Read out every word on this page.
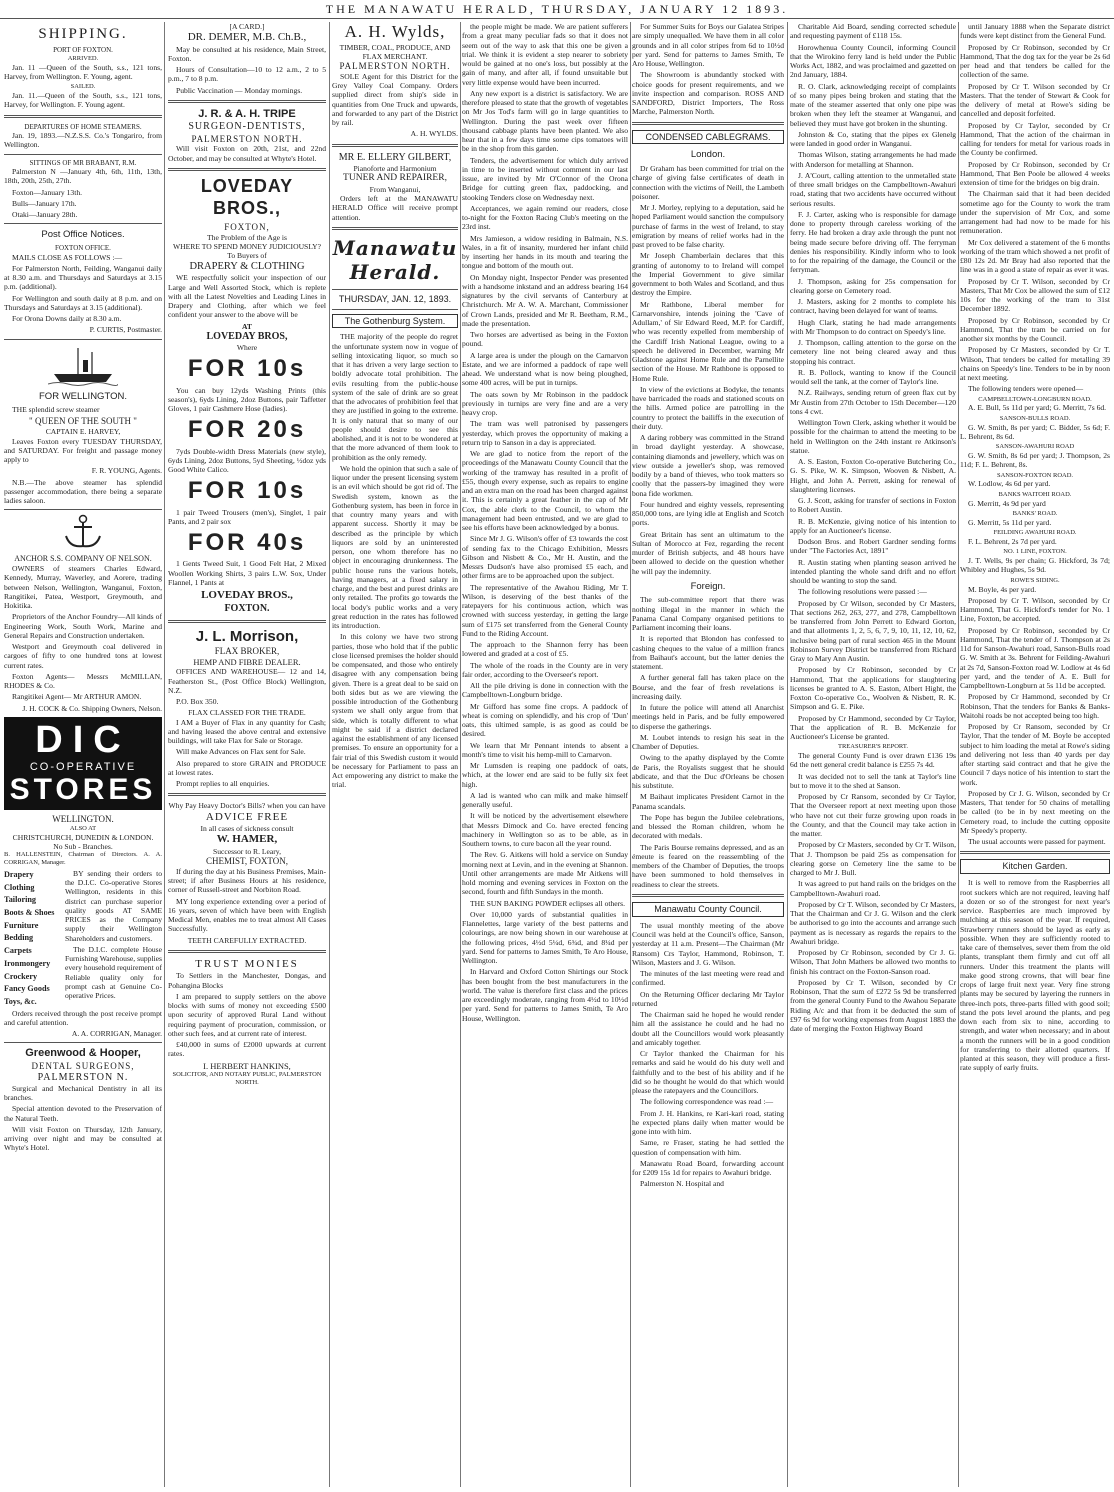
THE MANAWATU HERALD, THURSDAY, JANUARY 12 1893.
SHIPPING.
PORT OF FOXTON.
ARRIVED.

Jan. 11 —Queen of the South, s.s., 121 tons, Harvey, from Wellington. F. Young, agent.

SAILED.

Jan. 11.—Queen of the South, s.s., 121 tons, Harvey, for Wellington. F. Young agent.

DEPARTURES OF HOME STEAMERS.

Jan. 19, 1893.—N.Z.S.S. Co.'s Tongariro, from Wellington.

SITTINGS OF MR BRABANT, R.M.

Palmerston N —January 4th, 6th, 11th, 13th, 18th, 20th, 25th, 27th.

Foxton—January 13th.

Bulls—January 17th.

Otaki—January 28th.

Post Office Notices.
FOXTON OFFICE.

MAILS CLOSE AS FOLLOWS :—

For Palmerston North, Feilding, Wanganui daily at 8.30 a.m. and Thursdays and Saturdays at 3.15 p.m. (additional).

For Wellington and south daily at 8 p.m. and on Thursdays and Saturdays at 3.15 (additional).

For Orona Downs daily at 8.30 a.m.

P. CURTIS, Postmaster.

FOR WELLINGTON.

THE splendid screw steamer

" QUEEN OF THE SOUTH "
CAPTAIN E. HARVEY,

Leaves Foxton every TUESDAY THURSDAY, and SATURDAY. For freight and passage money apply to

F. R. YOUNG, Agents.

N.B.—The above steamer has splendid passenger accommodation, there being a separate ladies saloon.

ANCHOR S.S. COMPANY OF NELSON.

OWNERS of steamers Charles Edward, Kennedy, Murray, Waverley, and Aorere, trading between Nelson, Wellington, Wanganui, Foxton, Rangitikei, Patea, Westport, Greymouth, and Hokitika.

Proprietors of the Anchor Foundry—All kinds of Engineering Work, South Work, Marine and General Repairs and Construction undertaken.

Westport and Greymouth coal delivered in cargoes of fifty to one hundred tons at lowest current rates.

Foxton Agents— Messrs McMILLAN, RHODES & Co.

Rangitikei Agent— Mr ARTHUR AMON.

J. H. COCK & Co. Shipping Owners, Nelson.

DIC
CO-OPERATIVE
STORES
WELLINGTON.
ALSO AT
CHRISTCHURCH, DUNEDIN & LONDON.
No Sub - Branches.

B. HALLENSTEIN, Chairman of Directors. A. A. CORRIGAN, Manager.

Drapery
Clothing
Tailoring
Boots & Shoes
Furniture
Bedding
Carpets
Ironmongery
Crockery
Fancy Goods
Toys, &c.

BY sending their orders to the D.I.C. Co-operative Stores Wellington, residents in this district can purchase superior quality goods AT SAME PRICES as the Company supply their Wellington Shareholders and customers.

The D.I.C. complete House Furnishing Warehouse, supplies every household requirement of Reliable quality only for prompt cash at Genuine Co-operative Prices.

Orders received through the post receive prompt and careful attention.

A. A. CORRIGAN, Manager.

Greenwood & Hooper,
DENTAL SURGEONS,
PALMERSTON N.

Surgical and Mechanical Dentistry in all its branches.

Special attention devoted to the Preservation of the Natural Teeth.

Will visit Foxton on Thursday, 12th January, arriving over night and may be consulted at Whyte's Hotel.

[A CARD.]
DR. DEMER, M.B. Ch.B.,

May be consulted at his residence, Main Street, Foxton.

Hours of Consultation—10 to 12 a.m., 2 to 5 p.m., 7 to 8 p.m.

Public Vaccination — Monday mornings.

J. R. & A. H. TRIPE
SURGEON-DENTISTS,
PALMERSTON NORTH.

Will visit Foxton on 20th, 21st, and 22nd October, and may be consulted at Whyte's Hotel.

LOVEDAY BROS.,
FOXTON,
The Problem of the Age is
WHERE TO SPEND MONEY JUDICIOUSLY?
To Buyers of
DRAPERY & CLOTHING

WE respectfully solicit your inspection of our Large and Well Assorted Stock, which is replete with all the Latest Novelties and Leading Lines in Drapery and Clothing, after which we feel confident your answer to the above will be

AT
LOVEDAY BROS,
Where
FOR 10s

You can buy 12yds Washing Prints (this season's), 6yds Lining, 2doz Buttons, pair Taffetter Gloves, 1 pair Cashmere Hose (ladies).

FOR 20s

7yds Double-width Dress Materials (new style), 6yds Lining, 2doz Buttons, 5yd Sheeting, ½doz yds Good White Calico.

FOR 10s

1 pair Tweed Trousers (men's), Singlet, 1 pair Pants, and 2 pair sox

FOR 40s

1 Gents Tweed Suit, 1 Good Felt Hat, 2 Mixed Woollen Working Shirts, 3 pairs L.W. Sox, Under Flannel, 1 Pants at

LOVEDAY BROS.,
FOXTON.
J. L. Morrison,
FLAX BROKER,
HEMP AND FIBRE DEALER.

OFFICES AND WAREHOUSE— 12 and 14, Featherston St., (Post Office Block) Wellington, N.Z.

P.O. Box 350.

FLAX CLASSED FOR THE TRADE.

I AM a Buyer of Flax in any quantity for Cash; and having leased the above central and extensive buildings, will take Flax for Sale or Storage.

Will make Advances on Flax sent for Sale.

Also prepared to store GRAIN and PRODUCE at lowest rates.

Prompt replies to all enquiries.

Why Pay Heavy Doctor's Bills? when you can have
ADVICE FREE
In all cases of sickness consult
W. HAMER,
Successor to R. Leary,
CHEMIST, FOXTON,

If during the day at his Business Premises, Main-street; if after Business Hours at his residence, corner of Russell-street and Norbiton Road.

MY long experience extending over a period of 16 years, seven of which have been with English Medical Men, enables me to treat almost All Cases Successfully.

TEETH CAREFULLY EXTRACTED.
TRUST MONIES

To Settlers in the Manchester, Dongas, and Pohangina Blocks

I am prepared to supply settlers on the above blocks with sums of money not exceeding £500 upon security of approved Rural Land without requiring payment of procuration, commission, or other such fees, and at current rate of interest.

£40,000 in sums of £2000 upwards at current rates.

I. HERBERT HANKINS,
SOLICITOR, AND NOTARY PUBLIC, PALMERSTON NORTH.
A. H. Wylds,
TIMBER, COAL, PRODUCE, AND FLAX MERCHANT.
PALMERSTON NORTH.

SOLE Agent for this District for the Grey Valley Coal Company. Orders supplied direct from ship's side in quantities from One Truck and upwards, and forwarded to any part of the District by rail.

A. H. WYLDS.

MR E. ELLERY GILBERT,
Pianoforte and Harmonium
TUNER AND REPAIRER,
From Wanganui,

Orders left at the MANAWATU HERALD Office will receive prompt attention.

Manawatu Herald.
THURSDAY, JAN. 12, 1893.
The Gothenburg System.

THE majority of the people do regret the unfortunate system now in vogue of selling intoxicating liquor, so much so that it has driven a very large section to boldly advocate total prohibition. The evils resulting from the public-house system of the sale of drink are so great that the advocates of prohibition feel that they are justified in going to the extreme. It is only natural that so many of our people should desire to see this abolished, and it is not to be wondered at that the more advanced of them look to prohibition as the only remedy.

We hold the opinion that such a sale of liquor under the present licensing system is an evil which should be got rid of. The Swedish system, known as the Gothenburg system, has been in force in that country many years and with apparent success. Shortly it may be described as the principle by which liquors are sold by an uninterested person, one whom therefore has no object in encouraging drunkenness. The public house runs the various hotels, having managers, at a fixed salary in charge, and the best and purest drinks are only retailed. The profits go towards the local body's public works and a very great reduction in the rates has followed its introduction.

In this colony we have two strong parties, those who hold that if the public close licensed premises the holder should be compensated, and those who entirely disagree with any compensation being given. There is a great deal to be said on both sides but as we are viewing the possible introduction of the Gothenburg system we shall only argue from that side, which is totally different to what might be said if a district declared against the establishment of any licensed premises. To ensure an opportunity for a fair trial of this Swedish custom it would be necessary for Parliament to pass an Act empowering any district to make the trial.

the people might be made. We are patient sufferers from a great many peculiar fads so that it does not seem out of the way to ask that this one be given a trial. We think it is evident a step nearer to sobriety would be gained at no one's loss, but possibly at the gain of many, and after all, if found unsuitable but very little expense would have been incurred.

Any new export is a district is satisfactory. We are therefore pleased to state that the growth of vegetables on Mr Jos Tod's farm will go in large quantities to Wellington. During the past week over fifteen thousand cabbage plants have been planted. We also hear that in a few days time some cips tomatoes will be in the shop from this garden.

Tenders, the advertisement for which duly arrived in time to be inserted without comment in our last issue, are invited by Mr O'Connor of the Orona Bridge for cutting green flax, paddocking, and stooking Tenders close on Wednesday next.

Acceptances, we again remind our readers, close to-night for the Foxton Racing Club's meeting on the 23rd inst.

Mrs Jamieson, a widow residing in Balmain, N.S. Wales, in a fit of insanity, murdered her infant child by inserting her hands in its mouth and tearing the tongue and bottom of the mouth out.

On Monday night, Inspector Pender was presented with a handsome inkstand and an address bearing 164 signatures by the civil servants of Canterbury at Christchurch. Mr A. W. A. Marchant, Commissioner of Crown Lands, presided and Mr R. Beetham, R.M., made the presentation.

Two horses are advertised as being in the Foxton pound.

A large area is under the plough on the Carnarvon Estate, and we are informed a paddock of rape well ahead. We understand what is now being ploughed, some 400 acres, will be put in turnips.

The oats sown by Mr Robinson in the paddock previously in turnips are very fine and are a very heavy crop.

The tram was well patronised by passengers yesterday, which proves the opportunity of making a return trip to Sanson in a day is appreciated.

We are glad to notice from the report of the proceedings of the Manawatu County Council that the working of the tramway has resulted in a profit of £55, though every expense, such as repairs to engine and an extra man on the road has been charged against it. This is certainly a great feather in the cap of Mr Cox, the able clerk to the Council, to whom the management had been entrusted, and we are glad to see his efforts have been acknowledged by a bonus.

Since Mr J. G. Wilson's offer of £3 towards the cost of sending fax to the Chicago Exhibition, Messrs Gibson and Nisbett & Co., Mr H. Austin, and the Messrs Dudson's have also promised £5 each, and other firms are to be approached upon the subject.

The representative of the Awahou Riding, Mr T. Wilson, is deserving of the best thanks of the ratepayers for his continuous action, which was crowned with success yesterday, in getting the large sum of £175 set transferred from the General County Fund to the Riding Account.

The approach to the Shannon ferry has been lowered and graded at a cost of £5.

The whole of the roads in the County are in very fair order, according to the Overseer's report.

All the pile driving is done in connection with the Campbelltown-Longburn bridge.

Mr Gifford has some fine crops. A paddock of wheat is coming on splendidly, and his crop of 'Dun' oats, this ultimed sample, is as good as could be desired.

We learn that Mr Pennant intends to absent a month's time to visit his hemp-mill to Carnarvon.

Mr Lumsden is reaping one paddock of oats, which, at the lower end are said to be fully six feet high.

A lad is wanted who can milk and make himself generally useful.

It will be noticed by the advertisement elsewhere that Messrs Dimock and Co. have erected fencing machinery in Wellington so as to be able, as in Southern towns, to cure bacon all the year round.

The Rev. G. Aitkens will hold a service on Sunday morning next at Levin, and in the evening at Shannon. Until other arrangements are made Mr Aitkens will hold morning and evening services in Foxton on the second, fourth and fifth Sundays in the month.

THE SUN BAKING POWDER eclipses all others.

Over 10,000 yards of substantial qualities in Flannelettes, large variety of the best patterns and colourings, are now being shown in our warehouse at the following prices, 4½d 5¼d, 6¾d, and 8¼d per yard. Send for patterns to James Smith, Te Aro House, Wellington.

In Harvard and Oxford Cotton Shirtings our Stock has been bought from the best manufacturers in the world. The value is therefore first class and the prices are exceedingly moderate, ranging from 4½d to 10½d per yard. Send for patterns to James Smith, Te Aro House, Wellington.

For Summer Suits for Boys our Galatea Stripes are simply unequalled. We have them in all color grounds and in all color stripes from 6d to 10½d per yard. Send for patterns to James Smith, Te Aro House, Wellington.

The Showroom is abundantly stocked with choice goods for present requirements, and we invite inspection and comparison. ROSS AND SANDFORD, District Importers, The Ross Marche, Palmerston North.

CONDENSED CABLEGRAMS.
London.

Dr Graham has been committed for trial on the charge of giving false certificates of death in connection with the victims of Neill, the Lambeth poisoner.

Mr J. Morley, replying to a deputation, said he hoped Parliament would sanction the compulsory purchase of farms in the west of Ireland, to stay emigration by means of relief works had in the past proved to be false charity.

Mr Joseph Chamberlain declares that this granting of autonomy to to Ireland will compel the Imperial Government to give similar government to both Wales and Scotland, and thus destroy the Empire.

Mr Rathbone, Liberal member for Carnarvonshire, intends joining the 'Cave of Adullam,' of Sir Edward Reed, M.P. for Cardiff, who was recently expelled from membership of the Cardiff Irish National League, owing to a speech he delivered in December, warning Mr Gladstone against Home Rule and the Parnellite section of the House. Mr Rathbone is opposed to Home Rule.

In view of the evictions at Bodyke, the tenants have barricaded the roads and stationed scouts on the hills. Armed police are patrolling in the country to protect the bailiffs in the execution of their duty.

A daring robbery was committed in the Strand in broad daylight yesterday. A showcase, containing diamonds and jewellery, which was on view outside a jeweller's shop, was removed bodily by a band of thieves, who took matters so coolly that the passers-by imagined they were bona fide workmen.

Four hundred and eighty vessels, representing 850,000 tons, are lying idle at English and Scotch ports.

Great Britain has sent an ultimatum to the Sultan of Morocco at Fez, regarding the recent murder of British subjects, and 48 hours have been allowed to decide on the question whether he will pay the indemnity.

Foreign.

The sub-committee report that there was nothing illegal in the manner in which the Panama Canal Company organised petitions to Parliament incoming their loans.

It is reported that Blondon has confessed to cashing cheques to the value of a million francs from Baihaut's account, but the latter denies the statement.

A further general fall has taken place on the Bourse, and the fear of fresh revelations is increasing daily.

In future the police will attend all Anarchist meetings held in Paris, and be fully empowered to disperse the gatherings.

M. Loubet intends to resign his seat in the Chamber of Deputies.

Owing to the apathy displayed by the Comte de Paris, the Royalists suggest that he should abdicate, and that the Duc d'Orleans be chosen his substitute.

M Baihaut implicates President Carnot in the Panama scandals.

The Pope has begun the Jubilee celebrations, and blessed the Roman children, whom he decorated with medals.

The Paris Bourse remains depressed, and as an émeute is feared on the reassembling of the members of the Chamber of Deputies, the troops have been summoned to hold themselves in readiness to clear the streets.

Manawatu County Council.

The usual monthly meeting of the above Council was held at the Council's office, Sanson, yesterday at 11 a.m. Present—The Chairman (Mr Ransom) Crs Taylor, Hammond, Robinson, T. Wilson, Masters and J. G. Wilson.

The minutes of the last meeting were read and confirmed.

On the Returning Officer declaring Mr Taylor returned

The Chairman said he hoped he would render him all the assistance he could and he had no doubt all the Councillors would work pleasantly and amicably together.

Cr Taylor thanked the Chairman for his remarks and said he would do his duty well and faithfully and to the best of his ability and if he did so he thought he would do that which would please the ratepayers and the Councillors.

The following correspondence was read :—

From J. H. Hankins, re Kari-kari road, stating he expected plans daily when matter would be gone into with him.

Same, re Fraser, stating he had settled the question of compensation with him.

Manawatu Road Board, forwarding account for £209 15s 1d for repairs to Awahuri bridge.

Palmerston N. Hospital and

Charitable Aid Board, sending corrected schedule and requesting payment of £118 15s.

Horowhenua County Council, informing Council that the Wirokino ferry land is held under the Public Works Act, 1882, and was proclaimed and gazetted on 2nd January, 1884.

R. O. Clark, acknowledging receipt of complaints of so many pipes being broken and stating that the mate of the steamer asserted that only one pipe was broken when they left the steamer at Wanganui, and believed they must have got broken in the shunting.

Johnston & Co, stating that the pipes ex Glenelg were landed in good order in Wanganui.

Thomas Wilson, stating arrangements he had made with Anderson for metalling at Shannon.

J. A'Court, calling attention to the unmetalled state of three small bridges on the Campbelltown-Awahuri road, stating that two accidents have occurred without serious results.

F. J. Carter, asking who is responsible for damage done to property through careless working of the ferry. He had broken a dray axle through the punt not being made secure before driving off. The ferryman denies his responsibility. Kindly inform who to look to for the repairing of the damage, the Council or the ferryman.

J. Thompson, asking for 25s compensation for clearing gorse on Cemetery road.

J. Masters, asking for 2 months to complete his contract, having been delayed for want of teams.

Hugh Clark, stating he had made arrangements with Mr Thompson to do contract on Speedy's line.

J. Thompson, calling attention to the gorse on the cemetery line not being cleared away and thus stopping his contract.

R. B. Pollock, wanting to know if the Council would sell the tank, at the corner of Taylor's line.

N.Z. Railways, sending return of green flax cut by Mr Austin from 27th October to 15th December—120 tons 4 cwt.

Wellington Town Clerk, asking whether it would be possible for the chairman to attend the meeting to be held in Wellington on the 24th instant re Atkinson's statue.

A. S. Easton, Foxton Co-operative Butchering Co., G. S. Pike, W. K. Simpson, Wooven & Nisbett, A. Hight, and John A. Perrett, asking for renewal of slaughtering licenses.

G. J. Scott, asking for transfer of sections in Foxton to Robert Austin.

R. B. McKenzie, giving notice of his intention to apply for an Auctioneer's license.

Dodson Bros. and Robert Gardner sending forms under "The Factories Act, 1891"

R. Austin stating when planting season arrived he intended planting the whole sand drift and no effort should be wanting to stop the sand.

The following resolutions were passed :—

Proposed by Cr Wilson, seconded by Cr Masters, That sections 262, 263, 277, and 278, Campbelltown be transferred from John Perrett to Edward Gorton, and that allotments 1, 2, 5, 6, 7, 9, 10, 11, 12, 10, 62, inclusive being part of rural section 465 in the Mount Robinson Survey District be transferred from Richard Gray to Mary Ann Austin.

Proposed by Cr Robinson, seconded by Cr Hammond, That the applications for slaughtering licenses be granted to A. S. Easton, Albert Hight, the Foxton Co-operative Co., Woolven & Nisbett, R. K. Simpson and G. E. Pike.

Proposed by Cr Hammond, seconded by Cr Taylor, That the application of R. B. McKenzie for Auctioneer's License be granted.

TREASURER'S REPORT.

The general County Fund is over drawn £136 19s 6d the nett general credit balance is £255 7s 4d.

It was decided not to sell the tank at Taylor's line but to move it to the shed at Sanson.

Proposed by Cr Ransom, seconded by Cr Taylor, That the Overseer report at next meeting upon those who have not cut their furze growing upon roads in the County, and that the Council may take action in the matter.

Proposed by Cr Masters, seconded by Cr T. Wilson, That J. Thompson be paid 25s as compensation for clearing gorse on Cemetery line the same to be charged to Mr J. Bull.

It was agreed to put hand rails on the bridges on the Campbelltown-Awahuri road.

Proposed by Cr T. Wilson, seconded by Cr Masters, That the Chairman and Cr J. G. Wilson and the clerk be authorised to go into the accounts and arrange such payment as is necessary as regards the repairs to the Awahuri bridge.

Proposed by Cr Robinson, seconded by Cr J. G. Wilson, That John Mathers be allowed two months to finish his contract on the Foxton-Sanson road.

Proposed by Cr T. Wilson, seconded by Cr Robinson, That the sum of £272 5s 9d be transferred from the general County Fund to the Awahou Separate Riding A/c and that from it be deducted the sum of £97 6s 9d for working expenses from August 1883 the date of merging the Foxton Highway Board

until January 1888 when the Separate district funds were kept distinct from the General Fund.

Proposed by Cr Robinson, seconded by Cr Hammond, That the dog tax for the year be 2s 6d per head and that tenders be called for the collection of the same.

Proposed by Cr T. Wilson seconded by Cr Masters. That the tender of Stewart & Cook for the delivery of metal at Rowe's siding be cancelled and deposit forfeited.

Proposed by Cr Taylor, seconded by Cr Hammond, That the action of the chairman in calling for tenders for metal for various roads in the County be confirmed.

Proposed by Cr Robinson, seconded by Cr Hammond, That Ben Poole be allowed 4 weeks extension of time for the bridges on big drain.

The Chairman said that it had been decided sometime ago for the County to work the tram under the supervision of Mr Cox, and some arrangement had had now to be made for his remuneration.

Mr Cox delivered a statement of the 6 months working of the tram which showed a net profit of £80 12s 2d. Mr Bray had also reported that the line was in a good a state of repair as ever it was.

Proposed by Cr T. Wilson, seconded by Cr Masters, That Mr Cox be allowed the sum of £12 10s for the working of the tram to 31st December 1892.

Proposed by Cr Robinson, seconded by Cr Hammond, That the tram be carried on for another six months by the Council.

Proposed by Cr Masters, seconded by Cr T. Wilson, That tenders be called for metalling 39 chains on Speedy's line. Tenders to be in by noon at next meeting.

The following tenders were opened—

CAMPBELLTOWN-LONGBURN ROAD.

A. E. Bull, 5s 11d per yard; G. Merritt, 7s 6d.

SANSON-BULLS ROAD.

G. W. Smith, 8s per yard; C. Bidder, 5s 6d; F. L. Behrent, 8s 6d.

SANSON-AWAHURI ROAD

G. W. Smith, 8s 6d per yard; J. Thompson, 2s 11d; F. L. Behrent, 8s.

SANSON-FOXTON ROAD.

W. Lodlow, 4s 6d per yard.

BANKS WAITOHI ROAD.

G. Merritt, 4s 9d per yard

BANKS' ROAD.

G. Merritt, 5s 11d per yard.

FEILDING AWAHURI ROAD.

F. L. Behrent, 2s 7d per yard.

NO. 1 LINE, FOXTON.

J. T. Wells, 9s per chain; G. Hickford, 3s 7d; Whibley and Hughes, 5s 9d.

ROWE'S SIDING.

M. Boyle, 4s per yard.

Proposed by Cr T. Wilson, seconded by Cr Hammond, That G. Hickford's tender for No. 1 Line, Foxton, be accepted.

Proposed by Cr Robinson, seconded by Cr Hammond, That the tender of J. Thompson at 2s 11d for Sanson-Awahuri road, Sanson-Bulls road G. W. Smith at 3s. Behrent for Feilding-Awahuri at 2s 7d, Sanson-Foxton road W. Lodlow at 4s 6d per yard, and the tender of A. E. Bull for Campbelltown-Longburn at 5s 11d be accepted.

Proposed by Cr Hammond, seconded by Cr Robinson, That the tenders for Banks & Banks-Waitohi roads be not accepted being too high.

Proposed by Cr Ransom, seconded by Cr Taylor, That the tender of M. Boyle be accepted subject to him loading the metal at Rowe's siding and delivering not less than 40 yards per day after starting said contract and that he give the Council 7 days notice of his intention to start the work.

Proposed by Cr J. G. Wilson, seconded by Cr Masters, That tender for 50 chains of metalling be called (to be in by next meeting on the Cemetery road, to include the cutting opposite Mr Speedy's property.

The usual accounts were passed for payment.

Kitchen Garden.

It is well to remove from the Raspberries all root suckers which are not required, leaving half a dozen or so of the strongest for next year's service. Raspberries are much improved by mulching at this season of the year. If required, Strawberry runners should be layed as early as possible. When they are sufficiently rooted to take care of themselves, sever them from the old plants, transplant them firmly and cut off all runners. Under this treatment the plants will make good strong crowns, that will bear fine crops of large fruit next year. Very fine strong plants may be secured by layering the runners in three-inch pots, three-parts filled with good soil; stand the pots level around the plants, and peg down each from six to nine, according to strength, and water when necessary; and in about a month the runners will be in a good condition for transferring to their allotted quarters. If planted at this season, they will produce a first-rate supply of early fruits.
